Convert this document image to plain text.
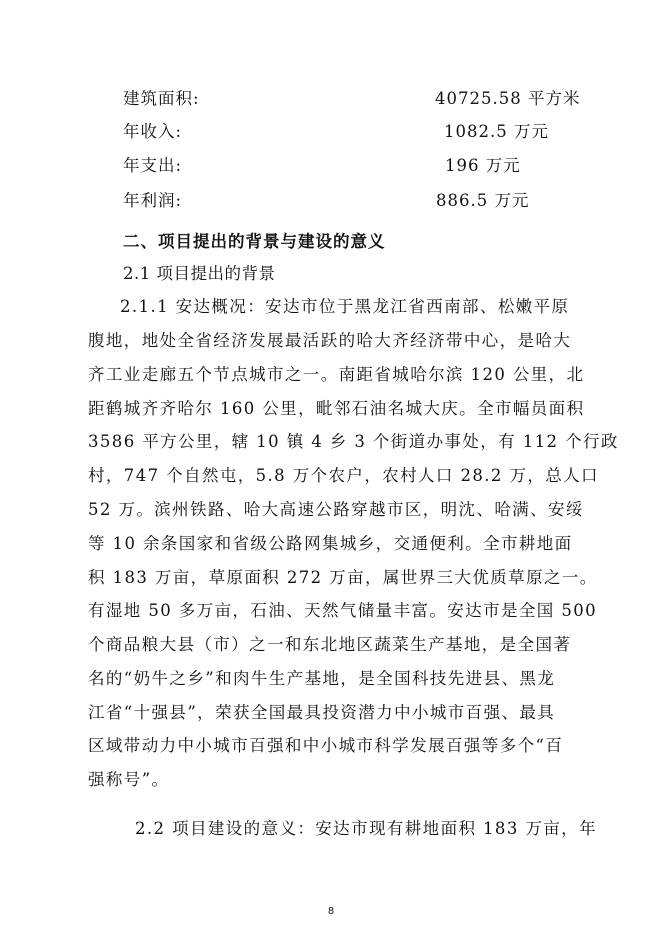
建筑面积:	40725.58 平方米
年收入:	1082.5 万元
年支出:	196 万元
年利润:	886.5 万元
二、项目提出的背景与建设的意义
2.1 项目提出的背景
2.1.1 安达概况：安达市位于黑龙江省西南部、松嫩平原
腹地，地处全省经济发展最活跃的哈大齐经济带中心，是哈大
齐工业走廊五个节点城市之一。南距省城哈尔滨 120 公里，北
距鹤城齐齐哈尔 160 公里，毗邻石油名城大庆。全市幅员面积
3586 平方公里，辖 10 镇 4 乡 3 个街道办事处，有 112 个行政
村，747 个自然屯，5.8 万个农户，农村人口 28.2 万，总人口
52 万。滨州铁路、哈大高速公路穿越市区，明沈、哈满、安绥
等 10 余条国家和省级公路网集城乡，交通便利。全市耕地面
积 183 万亩，草原面积 272 万亩，属世界三大优质草原之一。
有湿地 50 多万亩，石油、天然气储量丰富。安达市是全国 500
个商品粮大县（市）之一和东北地区蔬菜生产基地，是全国著
名的“奶牛之乡”和肉牛生产基地，是全国科技先进县、黑龙
江省“十强县”，荣获全国最具投资潜力中小城市百强、最具
区域带动力中小城市百强和中小城市科学发展百强等多个“百
强称号”。
2.2 项目建设的意义：安达市现有耕地面积 183 万亩，年
8
